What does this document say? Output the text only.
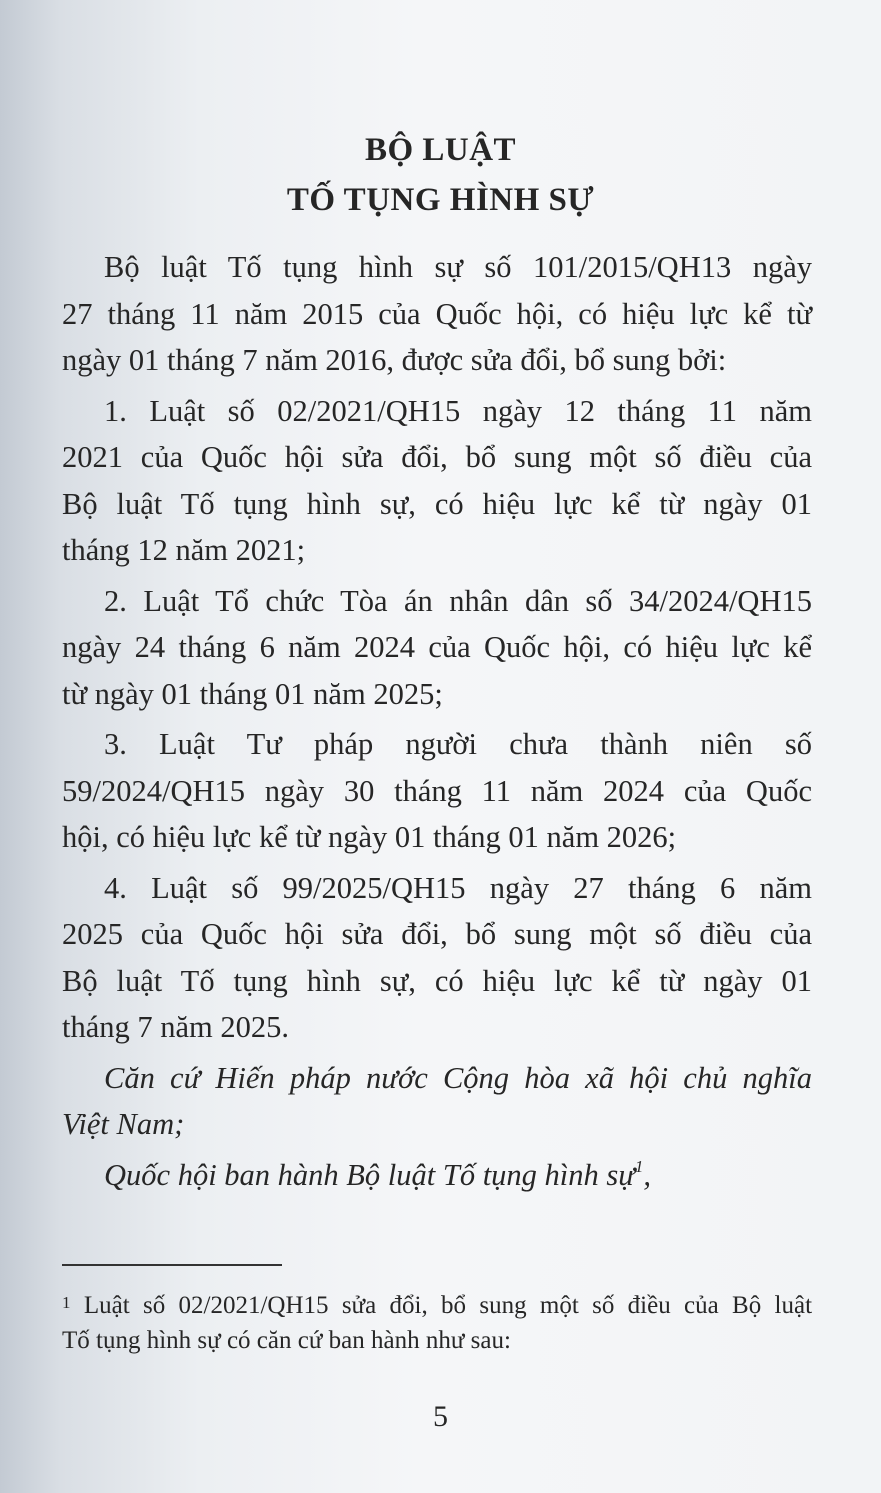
BỘ LUẬT
TỐ TỤNG HÌNH SỰ
Bộ luật Tố tụng hình sự số 101/2015/QH13 ngày
27 tháng 11 năm 2015 của Quốc hội, có hiệu lực kể từ
ngày 01 tháng 7 năm 2016, được sửa đổi, bổ sung bởi:
1. Luật số 02/2021/QH15 ngày 12 tháng 11 năm
2021 của Quốc hội sửa đổi, bổ sung một số điều của
Bộ luật Tố tụng hình sự, có hiệu lực kể từ ngày 01
tháng 12 năm 2021;
2. Luật Tổ chức Tòa án nhân dân số 34/2024/QH15
ngày 24 tháng 6 năm 2024 của Quốc hội, có hiệu lực kể
từ ngày 01 tháng 01 năm 2025;
3. Luật Tư pháp người chưa thành niên số
59/2024/QH15 ngày 30 tháng 11 năm 2024 của Quốc
hội, có hiệu lực kể từ ngày 01 tháng 01 năm 2026;
4. Luật số 99/2025/QH15 ngày 27 tháng 6 năm
2025 của Quốc hội sửa đổi, bổ sung một số điều của
Bộ luật Tố tụng hình sự, có hiệu lực kể từ ngày 01
tháng 7 năm 2025.
Căn cứ Hiến pháp nước Cộng hòa xã hội chủ nghĩa
Việt Nam;
Quốc hội ban hành Bộ luật Tố tụng hình sự$^1$,
$^1$ Luật số 02/2021/QH15 sửa đổi, bổ sung một số điều của Bộ luật
Tố tụng hình sự có căn cứ ban hành như sau:
5
